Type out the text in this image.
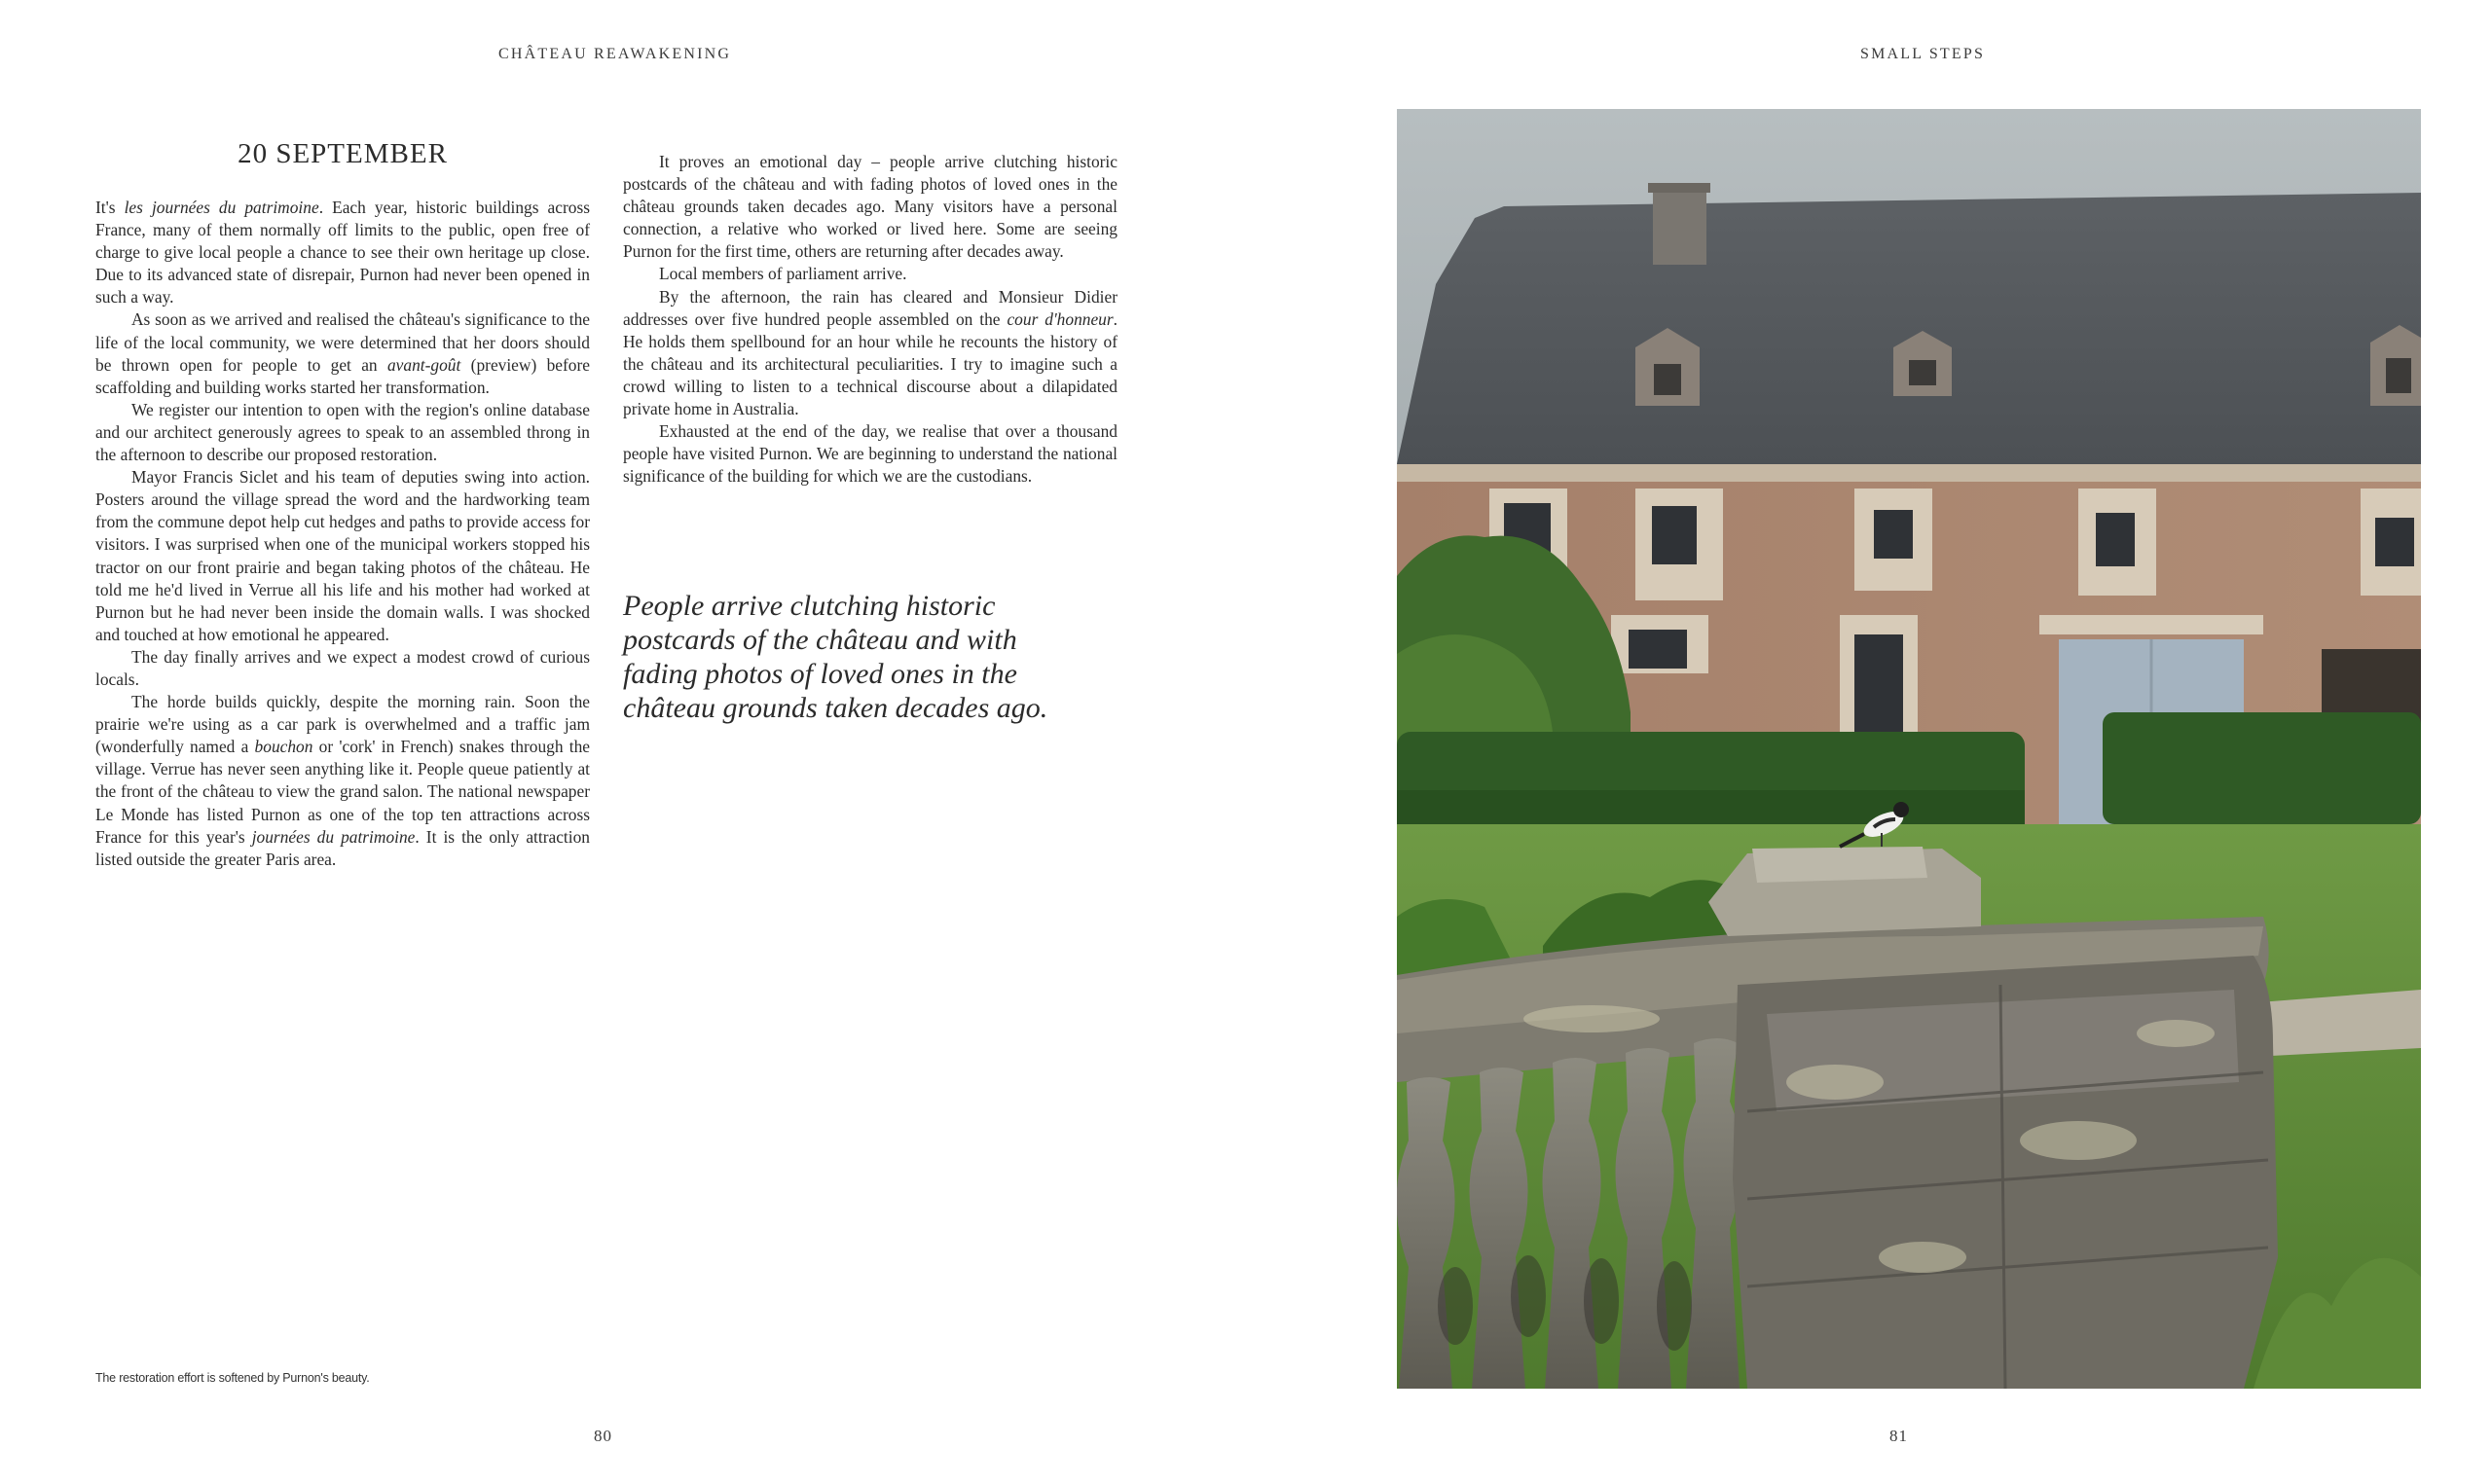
CHÂTEAU REAWAKENING
20 SEPTEMBER

It's les journées du patrimoine. Each year, historic buildings across France, many of them normally off limits to the public, open free of charge to give local people a chance to see their own heritage up close. Due to its advanced state of disrepair, Purnon had never been opened in such a way.

As soon as we arrived and realised the château's significance to the life of the local community, we were determined that her doors should be thrown open for people to get an avant-goût (preview) before scaffolding and building works started her transformation.

We register our intention to open with the region's online database and our architect generously agrees to speak to an assembled throng in the afternoon to describe our proposed restoration.

Mayor Francis Siclet and his team of deputies swing into action. Posters around the village spread the word and the hardworking team from the commune depot help cut hedges and paths to provide access for visitors. I was surprised when one of the municipal workers stopped his tractor on our front prairie and began taking photos of the château. He told me he'd lived in Verrue all his life and his mother had worked at Purnon but he had never been inside the domain walls. I was shocked and touched at how emotional he appeared.

The day finally arrives and we expect a modest crowd of curious locals.

The horde builds quickly, despite the morning rain. Soon the prairie we're using as a car park is overwhelmed and a traffic jam (wonderfully named a bouchon or 'cork' in French) snakes through the village. Verrue has never seen anything like it. People queue patiently at the front of the château to view the grand salon. The national newspaper Le Monde has listed Purnon as one of the top ten attractions across France for this year's journées du patrimoine. It is the only attraction listed outside the greater Paris area.

It proves an emotional day – people arrive clutching historic postcards of the château and with fading photos of loved ones in the château grounds taken decades ago. Many visitors have a personal connection, a relative who worked or lived here. Some are seeing Purnon for the first time, others are returning after decades away.

Local members of parliament arrive.

By the afternoon, the rain has cleared and Monsieur Didier addresses over five hundred people assembled on the cour d'honneur. He holds them spellbound for an hour while he recounts the history of the château and its architectural peculiarities. I try to imagine such a crowd willing to listen to a technical discourse about a dilapidated private home in Australia.

Exhausted at the end of the day, we realise that over a thousand people have visited Purnon. We are beginning to understand the national significance of the building for which we are the custodians.

People arrive clutching historic postcards of the château and with fading photos of loved ones in the château grounds taken decades ago.

The restoration effort is softened by Purnon's beauty.
80
SMALL STEPS
81
